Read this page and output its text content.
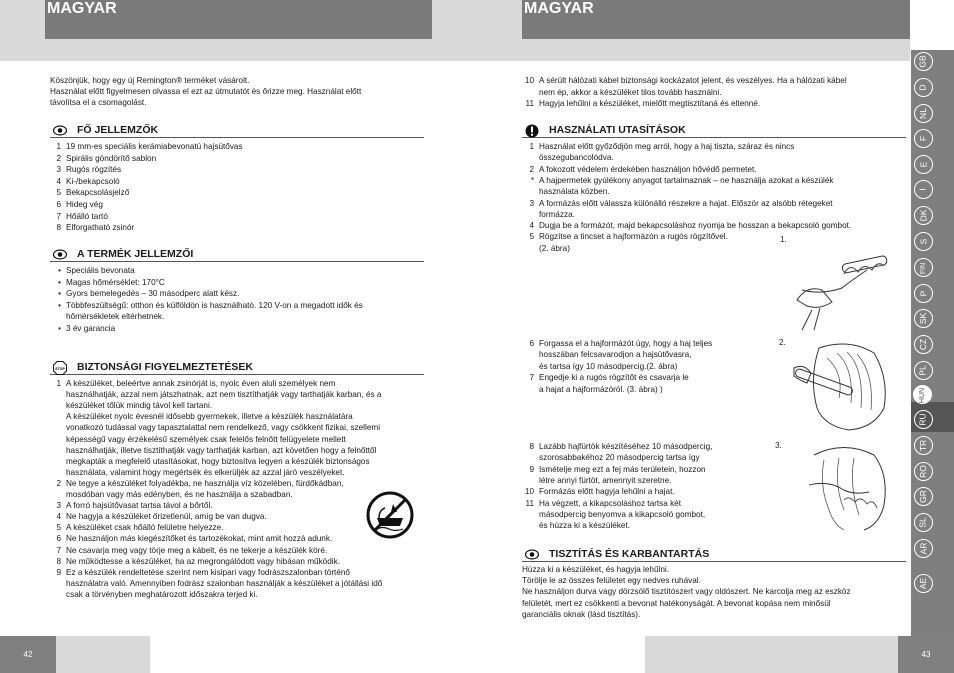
MAGYAR
Köszönjük, hogy egy új Remington® terméket vásárolt.
Használat előtt figyelmesen olvassa el ezt az útmutatót és őrizze meg. Használat előtt
távolítsa el a csomagolást.
FŐ JELLEMZŐK
1 19 mm-es speciális kerámiabevonatú hajsütővas
2 Spirális göndörítő sablon
3 Rugós rögzítés
4 Ki-/bekapcsoló
5 Bekapcsolásjelző
6 Hideg vég
7 Hőálló tartó
8 Elforgatható zsinór
A TERMÉK JELLEMZŐI
• Speciális bevonata
• Magas hőmérséklet: 170°C
• Gyors bemelegedés – 30 másodperc alatt kész.
• Többfeszültségű: otthon és külföldön is használható. 120 V-on a megadott idők és
hőmérsékletek eltérhetnek.
• 3 év garancia
STOP BIZTONSÁGI FIGYELMEZTETÉSEK
1 A készüléket, beleértve annak zsinórját is, nyolc éven aluli személyek nem
használhatják, azzal nem játszhatnak, azt nem tisztíthatják vagy tarthatják karban, és a
készüléket tőlük mindig távol kell tartani.
A készüléket nyolc évesnél idősebb gyermekek, illetve a készülék használatára
vonatkozó tudással vagy tapasztalattal nem rendelkező, vagy csökkent fizikai, szellemi
képességű vagy érzékelésű személyek csak felelős felnőtt felügyelete mellett
használhatják, illetve tisztíthatják vagy tarthatják karban, azt követően hogy a felnőttől
megkapták a megfelelő utasításokat, hogy biztosítva legyen a készülék biztonságos
használata, valamint hogy megértsék és elkerüljék az azzal járó veszélyeket.
2 Ne tegye a készüléket folyadékba, ne használja víz közelében, fürdőkádban,
mosdóban vagy más edényben, és ne használja a szabadban.
3 A forró hajsütővasat tartsa távol a bőrtől.
4 Ne hagyja a készüléket őrizetlenül, amíg be van dugva.
5 A készüléket csak hőálló felületre helyezze.
6 Ne használjon más kiegészítőket és tartozékokat, mint amit hozzá adunk.
7 Ne csavarja meg vagy törje meg a kábelt, és ne tekerje a készülék köré.
8 Ne működtesse a készüléket, ha az megrongálódott vagy hibásan működik.
9 Ez a készülék rendeltetése szerint nem kisipari vagy fodrászszalonban történő
használatra való. Amennyiben fodrász szalonban használják a készüléket a jótállási idő
csak a törvényben meghatározott időszakra terjed ki.
42
MAGYAR
10 A sérült hálózati kábel biztonsági kockázatot jelent, és veszélyes. Ha a hálózati kábel
nem ép, akkor a készüléket tilos tovább használni.
11 Hagyja lehűlni a készüléket, mielőtt megtisztítaná és eltenné.
HASZNÁLATI UTASÍTÁSOK
1 Használat előtt győződjön meg arról, hogy a haj tiszta, száraz és nincs
összegubancolódva.
2 A fokozott védelem érdekében használjon hővédő permetet.
* A hajpermetek gyúlékony anyagot tartalmaznak – ne használja azokat a készülék
használata közben.
3 A formázás előtt válassza különálló részekre a hajat. Először az alsóbb rétegeket
formázza.
4 Dugja be a formázót, majd bekapcsoláshoz nyomja be hosszan a bekapcsoló gombot.
5 Rögzítse a tincset a hajformázón a rugós rögzítővel.
(2. ábra)
6 Forgassa el a hajformázót úgy, hogy a haj teljes
hosszában felcsavarodjon a hajsütővasra,
és tartsa így 10 másodpercig.(2. ábra)
7 Engedje ki a rugós rögzítőt és csavarja le
a hajat a hajformázóról. (3. ábra) )
8 Lazább hajfürtök készítéséhez 10 másodpercig,
szorosabbakéhoz 20 másodpercig tartsa így
9 Ismételje meg ezt a fej más területein, hozzon
létre annyi fürtöt, amennyit szeretne.
10 Formázás előtt hagyja lehűlni a hajat.
11 Ha végzett, a kikapcsoláshoz tartsa két
másodpercig benyomva a kikapcsoló gombot,
és húzza ki a készüléket.
1.
2.
3.
TISZTÍTÁS ÉS KARBANTARTÁS
Húzza ki a készüléket, és hagyja lehűlni.
Törölje le az összes felületet egy nedves ruhával.
Ne használjon durva vagy dörzsölő tisztítószert vagy oldószert. Ne karcolja meg az eszköz
felületét, mert ez csökkenti a bevonat hatékonyságát. A bevonat kopása nem minősül
garanciális oknak (lásd tisztítás).
43
GB
D
NL
F
E
I
DK
S
FIN
P
SK
CZ
PL
HUN
RU
TR
RO
GR
SL
AR
AE
